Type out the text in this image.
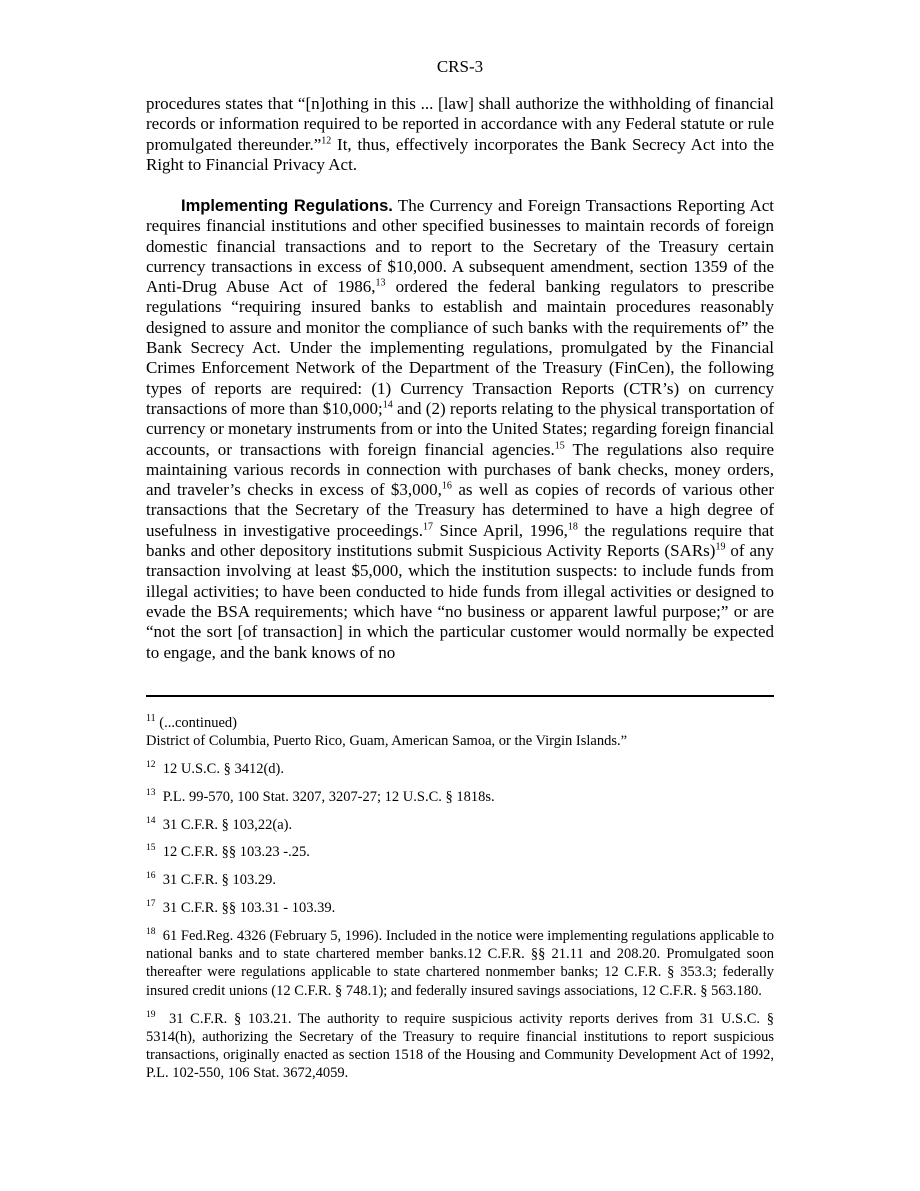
CRS-3
procedures states that “[n]othing in this ... [law] shall authorize the withholding of financial records or information required to be reported in accordance with any Federal statute or rule promulgated thereunder.”$^{12}$ It, thus, effectively incorporates the Bank Secrecy Act into the Right to Financial Privacy Act.
Implementing Regulations. The Currency and Foreign Transactions Reporting Act requires financial institutions and other specified businesses to maintain records of foreign domestic financial transactions and to report to the Secretary of the Treasury certain currency transactions in excess of $10,000. A subsequent amendment, section 1359 of the Anti-Drug Abuse Act of 1986,13 ordered the federal banking regulators to prescribe regulations “requiring insured banks to establish and maintain procedures reasonably designed to assure and monitor the compliance of such banks with the requirements of” the Bank Secrecy Act. Under the implementing regulations, promulgated by the Financial Crimes Enforcement Network of the Department of the Treasury (FinCen), the following types of reports are required: (1) Currency Transaction Reports (CTR’s) on currency transactions of more than $10,000;$^{14}$ and (2) reports relating to the physical transportation of currency or monetary instruments from or into the United States; regarding foreign financial accounts, or transactions with foreign financial agencies.$^{15}$ The regulations also require maintaining various records in connection with purchases of bank checks, money orders, and traveler’s checks in excess of $3,000,16 as well as copies of records of various other transactions that the Secretary of the Treasury has determined to have a high degree of usefulness in investigative proceedings.$^{17}$ Since April, 1996,18 the regulations require that banks and other depository institutions submit Suspicious Activity Reports (SARs)$^{19}$ of any transaction involving at least $5,000, which the institution suspects: to include funds from illegal activities; to have been conducted to hide funds from illegal activities or designed to evade the BSA requirements; which have “no business or apparent lawful purpose;” or are “not the sort [of transaction] in which the particular customer would normally be expected to engage, and the bank knows of no
$^{11}$ (...continued)
District of Columbia, Puerto Rico, Guam, American Samoa, or the Virgin Islands.”
$^{12}$ 12 U.S.C. § 3412(d).
$^{13}$ P.L. 99-570, 100 Stat. 3207, 3207-27; 12 U.S.C. § 1818s.
$^{14}$ 31 C.F.R. § 103,22(a).
$^{15}$ 12 C.F.R. §§ 103.23 -.25.
$^{16}$ 31 C.F.R. § 103.29.
$^{17}$ 31 C.F.R. §§ 103.31 - 103.39.
$^{18}$ 61 Fed.Reg. 4326 (February 5, 1996). Included in the notice were implementing regulations applicable to national banks and to state chartered member banks.12 C.F.R. §§ 21.11 and 208.20. Promulgated soon thereafter were regulations applicable to state chartered nonmember banks; 12 C.F.R. § 353.3; federally insured credit unions (12 C.F.R. § 748.1); and federally insured savings associations, 12 C.F.R. § 563.180.
$^{19}$ 31 C.F.R. § 103.21. The authority to require suspicious activity reports derives from 31 U.S.C. § 5314(h), authorizing the Secretary of the Treasury to require financial institutions to report suspicious transactions, originally enacted as section 1518 of the Housing and Community Development Act of 1992, P.L. 102-550, 106 Stat. 3672,4059.
